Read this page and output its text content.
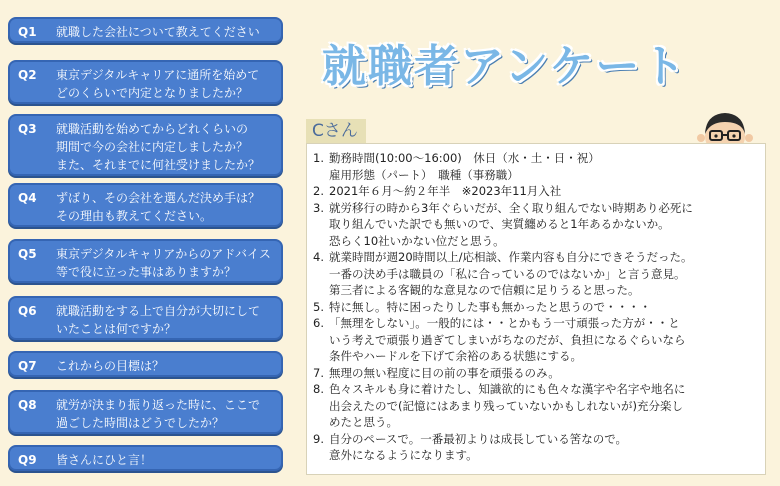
Q1	就職した会社について教えてください
Q2	東京デジタルキャリアに通所を始めて
どのくらいで内定となりましたか？
Q3	就職活動を始めてからどれくらいの
期間で今の会社に内定しましたか？
また、それまでに何社受けましたか？
Q4	ずばり、その会社を選んだ決め手は？
その理由も教えてください。
Q5	東京デジタルキャリアからのアドバイス
等で役に立った事はありますか？
Q6	就職活動をする上で自分が大切にして
いたことは何ですか？
Q7	これからの目標は？
Q8	就労が決まり振り返った時に、ここで
過ごした時間はどうでしたか？
Q9	皆さんにひと言！
就職者アンケート
Cさん
1. 勤務時間(10:00〜16:00)　休日（水・土・日・祝）
雇用形態（パート）　職種（事務職）
2. 2021年６月〜約２年半　※2023年11月入社
3. 就労移行の時から3年ぐらいだが、全く取り組んでない時期あり必死に
取り組んでいた訳でも無いので、実質纏めると1年あるかないか。
恐らく10社いかない位だと思う。
4. 就業時間が週20時間以上/応相談、作業内容も自分にできそうだった。
一番の決め手は職員の「私に合っているのではないか」と言う意見。
第三者による客観的な意見なので信頼に足りうると思った。
5. 特に無し。特に困ったりした事も無かったと思うので・・・・
6. 「無理をしない」。一般的には・・とかもう一寸頑張った方が・・と
いう考えで頑張り過ぎてしまいがちなのだが、負担になるぐらいなら
条件やハードルを下げて余裕のある状態にする。
7. 無理の無い程度に目の前の事を頑張るのみ。
8. 色々スキルも身に着けたし、知識欲的にも色々な漢字や名字や地名に
出会えたので(記憶にはあまり残っていないかもしれないが)充分楽し
めたと思う。
9. 自分のペースで。一番最初よりは成長している筈なので。
意外になるようになります。
